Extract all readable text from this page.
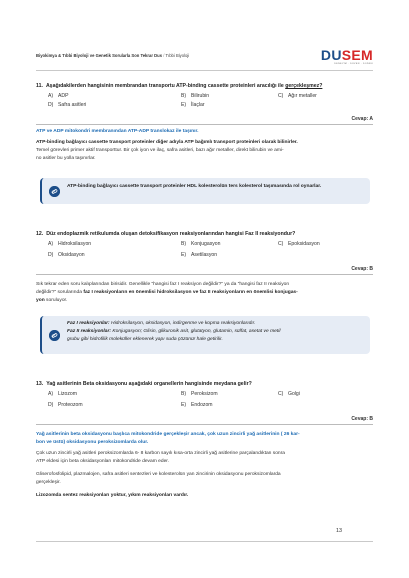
Biyokimya & Tıbbi Biyoloji ve Genetik Sorularla Son Tekrar Dus / Tıbbi Biyoloji	DUSEM
DENEYİM · DÜZEN · DOĞRU
11. Aşağıdakilerden hangisinin membrandan transportu ATP-binding cassette proteinleri aracılığı ile gerçekleşmez?
A) ADP	B) Bilirubin	C) Ağır metaller
D) Safra asitleri	E) İlaçlar
Cevap: A
ATP ve ADP mitokondri membranından ATP-ADP translokaz ile taşınır.
ATP-binding bağlayıcı cassette transport proteinler diğer adıyla ATP bağımlı transport proteinleri olarak bilinirler.
Temel görevleri primer aktif transporttur. Bir çok iyon ve ilaç, safra asitleri, bazı ağır metaller, direkt bilirubin ve ami-
no asitler bu yolla taşınırlar.
ATP-binding bağlayıcı cassette transport proteinler HDL kolesterolün ters kolesterol taşımasında rol oynarlar.
12. Düz endoplazmik retikulumda oluşan detoksifikasyon reaksiyonlarından hangisi Faz II reaksiyondur?
A) Hidroksilasyon	B) Konjugasyon	C) Epoksidasyon
D) Oksidasyon	E) Asetilasyon
Cevap: B
Sık tekrar eden soru kalıplarından birisidir. Genellikle “hangisi faz I reaksiyon değildir?” ya da “hangisi faz II reaksiyon
değildir?” sorularında faz I reaksiyonların en önemlisi hidroksilasyon ve faz II reaksiyonların en önemlisi konjugas-
yon soruluyor.
Faz I reaksiyonlar: Hidroksilasyon, oksidasyon, indirgenme ve kopma reaksiyonlarıdır.
Faz II reaksiyonlar: Konjugasyon; Glisin, glikuronik asit, glutatyon, glutamin, sülfat, asetat ve metil
grubu gibi hidrofilik moleküller eklenerek yapı suda çözünür hale getirilir.
13. Yağ asitlerinin Beta oksidasyonu aşağıdaki organellerin hangisinde meydana gelir?
A) Lizozom	B) Peroksizom	C) Golgi
D) Proteozom	E) Endozom
Cevap: B
Yağ asitlerinin beta oksidasyonu başlıca mitokondride gerçekleşir ancak, çok uzun zincirli yağ asitlerinin ( 26 kar-
bon ve üstü) oksidasyonu peroksizomlarda olur.
Çok uzun zincirli yağ asitleri peroksizomlarda 6- 8 karbon sayılı kısa-orta zincirli yağ asitlerine parçalandıktan sonra
ATP eldesi için beta oksidasyonları mitokondride devam eder.
Gliserofosfolipid, plazmalojen, safra asitleri sentezleri ve kolesterolün yan zincirinin oksidasyonu peroksizomlarda
gerçekleşir.
Lizozomda sentez reaksiyonları yoktur, yıkım reaksiyonları vardır.
13
